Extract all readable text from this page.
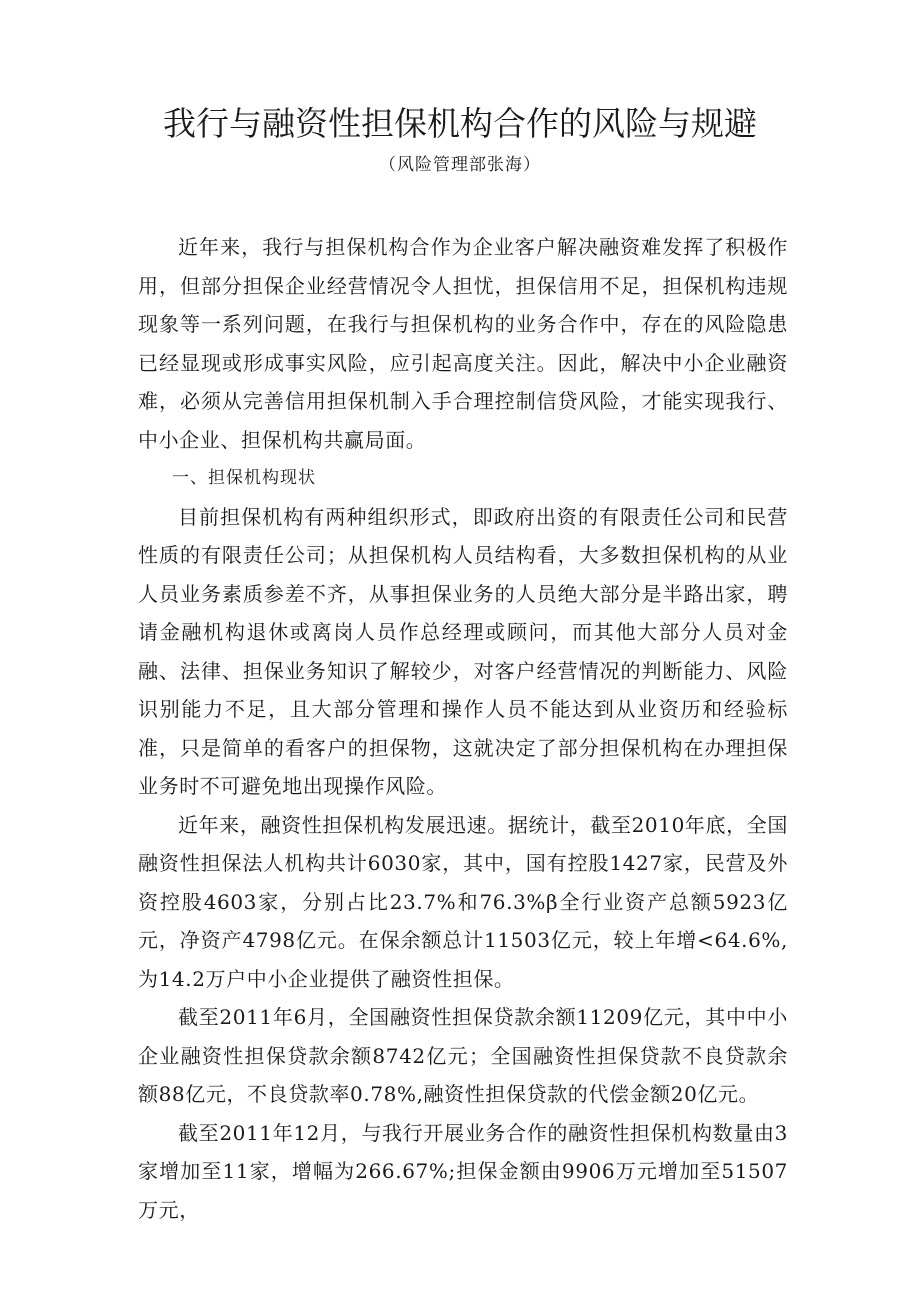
我行与融资性担保机构合作的风险与规避
（风险管理部张海）

近年来，我行与担保机构合作为企业客户解决融资难发挥了积极作用，但部分担保企业经营情况令人担忧，担保信用不足，担保机构违规现象等一系列问题，在我行与担保机构的业务合作中，存在的风险隐患已经显现或形成事实风险，应引起高度关注。因此，解决中小企业融资难，必须从完善信用担保机制入手合理控制信贷风险，才能实现我行、中小企业、担保机构共赢局面。

一、担保机构现状

目前担保机构有两种组织形式，即政府出资的有限责任公司和民营性质的有限责任公司；从担保机构人员结构看，大多数担保机构的从业人员业务素质参差不齐，从事担保业务的人员绝大部分是半路出家，聘请金融机构退休或离岗人员作总经理或顾问，而其他大部分人员对金融、法律、担保业务知识了解较少，对客户经营情况的判断能力、风险识别能力不足，且大部分管理和操作人员不能达到从业资历和经验标准，只是简单的看客户的担保物，这就决定了部分担保机构在办理担保业务时不可避免地出现操作风险。

近年来，融资性担保机构发展迅速。据统计，截至2010年底，全国融资性担保法人机构共计6030家，其中，国有控股1427家，民营及外资控股4603家，分别占比23.7%和76.3%β全行业资产总额5923亿元，净资产4798亿元。在保余额总计11503亿元，较上年增<64.6%,为14.2万户中小企业提供了融资性担保。

截至2011年6月，全国融资性担保贷款余额11209亿元，其中中小企业融资性担保贷款余额8742亿元；全国融资性担保贷款不良贷款余额88亿元，不良贷款率0.78%,融资性担保贷款的代偿金额20亿元。

截至2011年12月，与我行开展业务合作的融资性担保机构数量由3家增加至11家，增幅为266.67%;担保金额由9906万元增加至51507万元，
